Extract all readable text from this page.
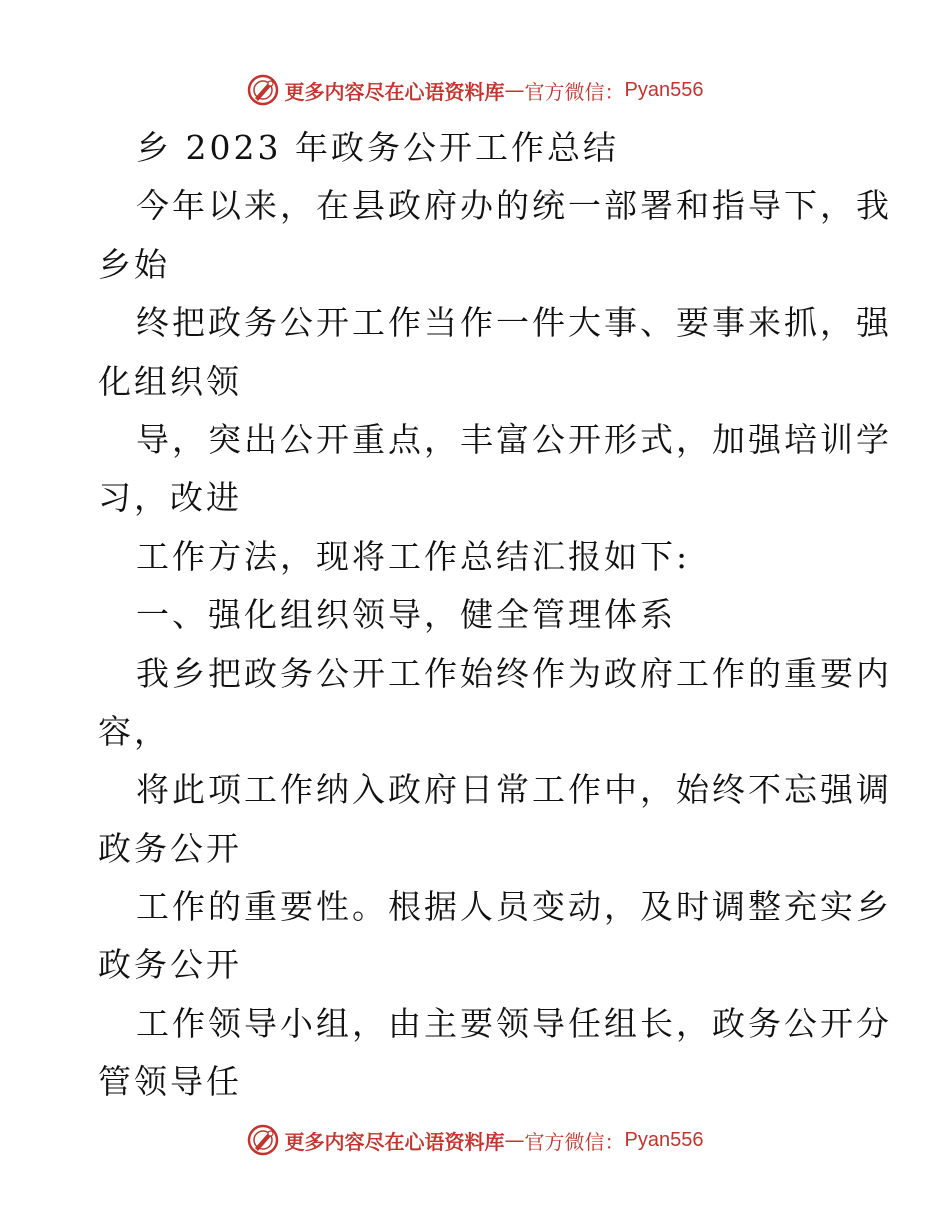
更多内容尽在心语资料库 — 官方微信： Pyan556
乡 2023 年政务公开工作总结
今年以来，在县政府办的统一部署和指导下，我
乡始
终把政务公开工作当作一件大事、要事来抓，强
化组织领
导，突出公开重点，丰富公开形式，加强培训学
习，改进
工作方法，现将工作总结汇报如下:
一、强化组织领导，健全管理体系
我乡把政务公开工作始终作为政府工作的重要内
容，
将此项工作纳入政府日常工作中，始终不忘强调
政务公开
工作的重要性。根据人员变动，及时调整充实乡
政务公开
工作领导小组，由主要领导任组长，政务公开分
管领导任
更多内容尽在心语资料库 — 官方微信： Pyan556
